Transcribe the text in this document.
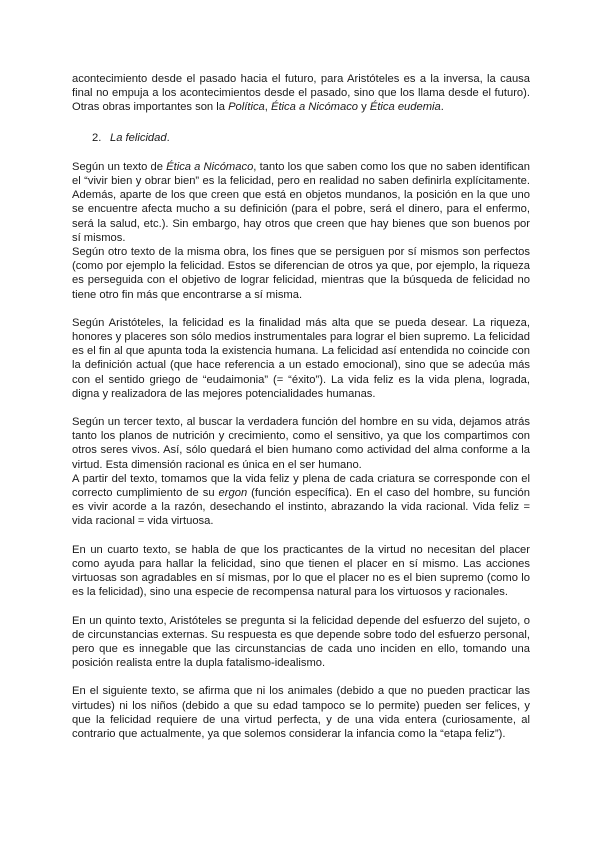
acontecimiento desde el pasado hacia el futuro, para Aristóteles es a la inversa, la causa final no empuja a los acontecimientos desde el pasado, sino que los llama desde el futuro). Otras obras importantes son la Política, Ética a Nicómaco y Ética eudemia.

2. La felicidad.

Según un texto de Ética a Nicómaco, tanto los que saben como los que no saben identifican el “vivir bien y obrar bien” es la felicidad, pero en realidad no saben definirla explícitamente. Además, aparte de los que creen que está en objetos mundanos, la posición en la que uno se encuentre afecta mucho a su definición (para el pobre, será el dinero, para el enfermo, será la salud, etc.). Sin embargo, hay otros que creen que hay bienes que son buenos por sí mismos.

Según otro texto de la misma obra, los fines que se persiguen por sí mismos son perfectos (como por ejemplo la felicidad. Estos se diferencian de otros ya que, por ejemplo, la riqueza es perseguida con el objetivo de lograr felicidad, mientras que la búsqueda de felicidad no tiene otro fin más que encontrarse a sí misma.

Según Aristóteles, la felicidad es la finalidad más alta que se pueda desear. La riqueza, honores y placeres son sólo medios instrumentales para lograr el bien supremo. La felicidad es el fin al que apunta toda la existencia humana. La felicidad así entendida no coincide con la definición actual (que hace referencia a un estado emocional), sino que se adecúa más con el sentido griego de “eudaimonia” (= “éxito”). La vida feliz es la vida plena, lograda, digna y realizadora de las mejores potencialidades humanas.

Según un tercer texto, al buscar la verdadera función del hombre en su vida, dejamos atrás tanto los planos de nutrición y crecimiento, como el sensitivo, ya que los compartimos con otros seres vivos. Así, sólo quedará el bien humano como actividad del alma conforme a la virtud. Esta dimensión racional es única en el ser humano.

A partir del texto, tomamos que la vida feliz y plena de cada criatura se corresponde con el correcto cumplimiento de su ergon (función específica). En el caso del hombre, su función es vivir acorde a la razón, desechando el instinto, abrazando la vida racional. Vida feliz = vida racional = vida virtuosa.

En un cuarto texto, se habla de que los practicantes de la virtud no necesitan del placer como ayuda para hallar la felicidad, sino que tienen el placer en sí mismo. Las acciones virtuosas son agradables en sí mismas, por lo que el placer no es el bien supremo (como lo es la felicidad), sino una especie de recompensa natural para los virtuosos y racionales.

En un quinto texto, Aristóteles se pregunta si la felicidad depende del esfuerzo del sujeto, o de circunstancias externas. Su respuesta es que depende sobre todo del esfuerzo personal, pero que es innegable que las circunstancias de cada uno inciden en ello, tomando una posición realista entre la dupla fatalismo-idealismo.

En el siguiente texto, se afirma que ni los animales (debido a que no pueden practicar las virtudes) ni los niños (debido a que su edad tampoco se lo permite) pueden ser felices, y que la felicidad requiere de una virtud perfecta, y de una vida entera (curiosamente, al contrario que actualmente, ya que solemos considerar la infancia como la “etapa feliz”).
